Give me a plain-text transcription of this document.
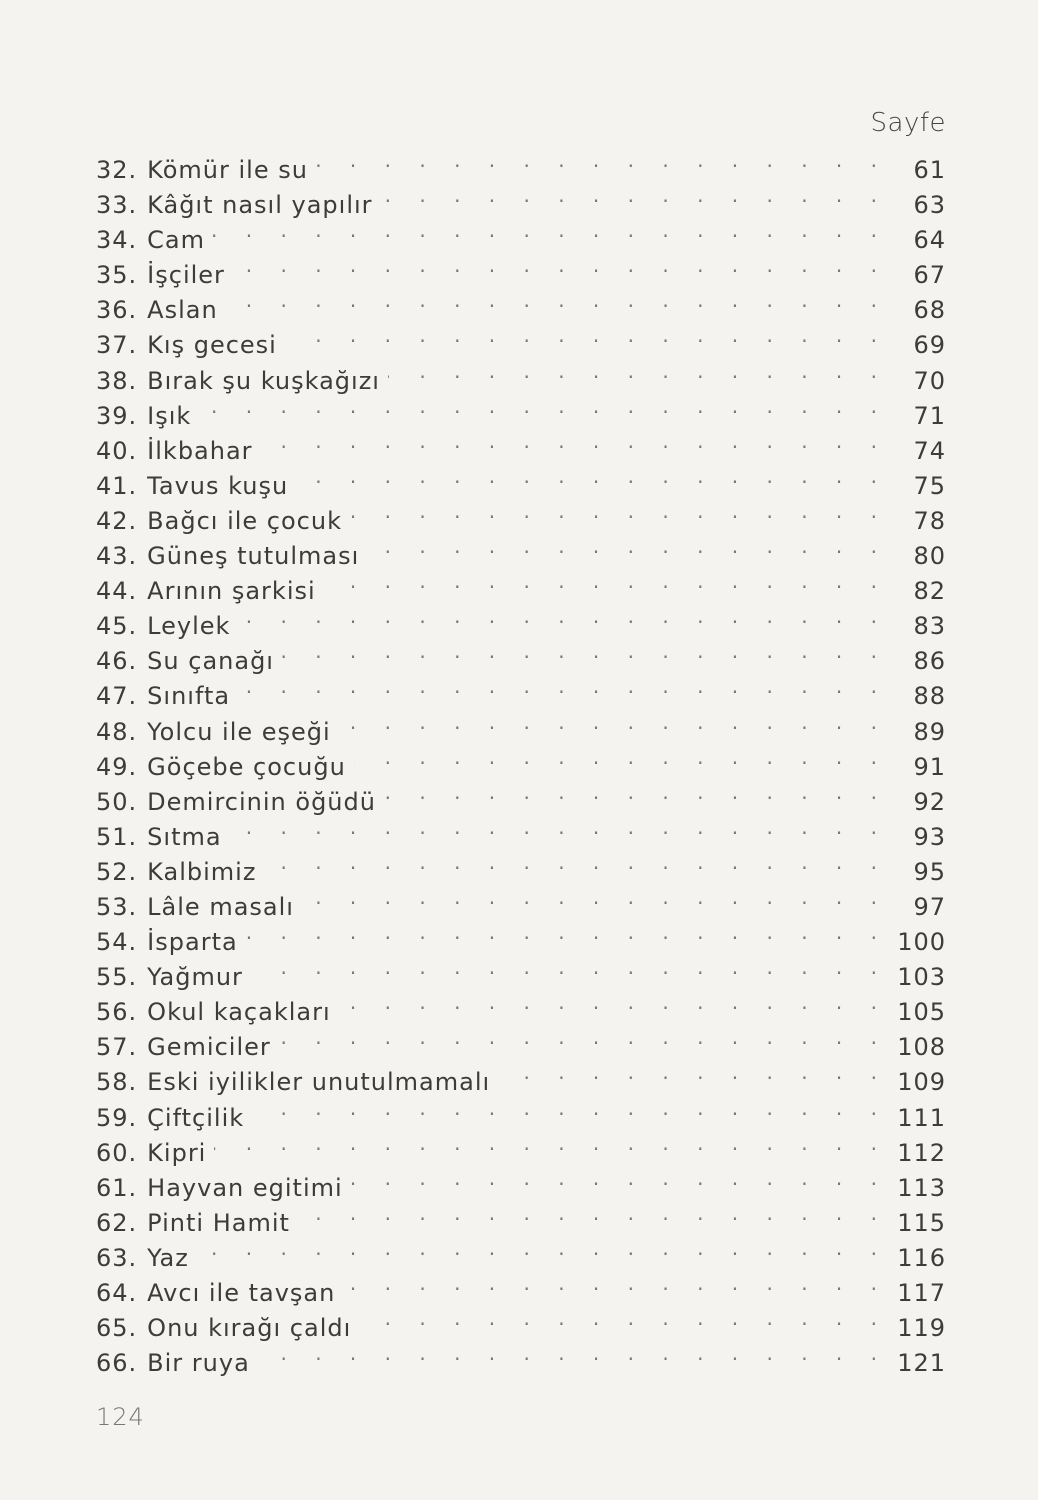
Sayfe
32. Kömür ile su . . .	61
33. Kâğıt nasıl yapılır . . .	63
34. Cam . . .	64
35. İşçiler . . .	67
36. Aslan . . .	68
37. Kış gecesi . . .	69
38. Bırak şu kuşkağızı . . .	70
39. Işık . . .	71
40. İlkbahar . . .	74
41. Tavus kuşu . . .	75
42. Bağcı ile çocuk . . .	78
43. Güneş tutulması . . .	80
44. Arının şarkisi . . .	82
45. Leylek . . .	83
46. Su çanağı . . .	86
47. Sınıfta . . .	88
48. Yolcu ile eşeği . . .	89
49. Göçebe çocuğu . . .	91
50. Demircinin öğüdü . . .	92
51. Sıtma . . .	93
52. Kalbimiz . . .	95
53. Lâle masalı . . .	97
54. İsparta . . .	100
55. Yağmur . . .	103
56. Okul kaçakları . . .	105
57. Gemiciler . . .	108
58. Eski iyilikler unutulmamalı . . .	109
59. Çiftçilik . . .	111
60. Kipri . . .	112
61. Hayvan egitimi . . .	113
62. Pinti Hamit . . .	115
63. Yaz . . .	116
64. Avcı ile tavşan . . .	117
65. Onu kırağı çaldı . . .	119
66. Bir ruya . . .	121
124
